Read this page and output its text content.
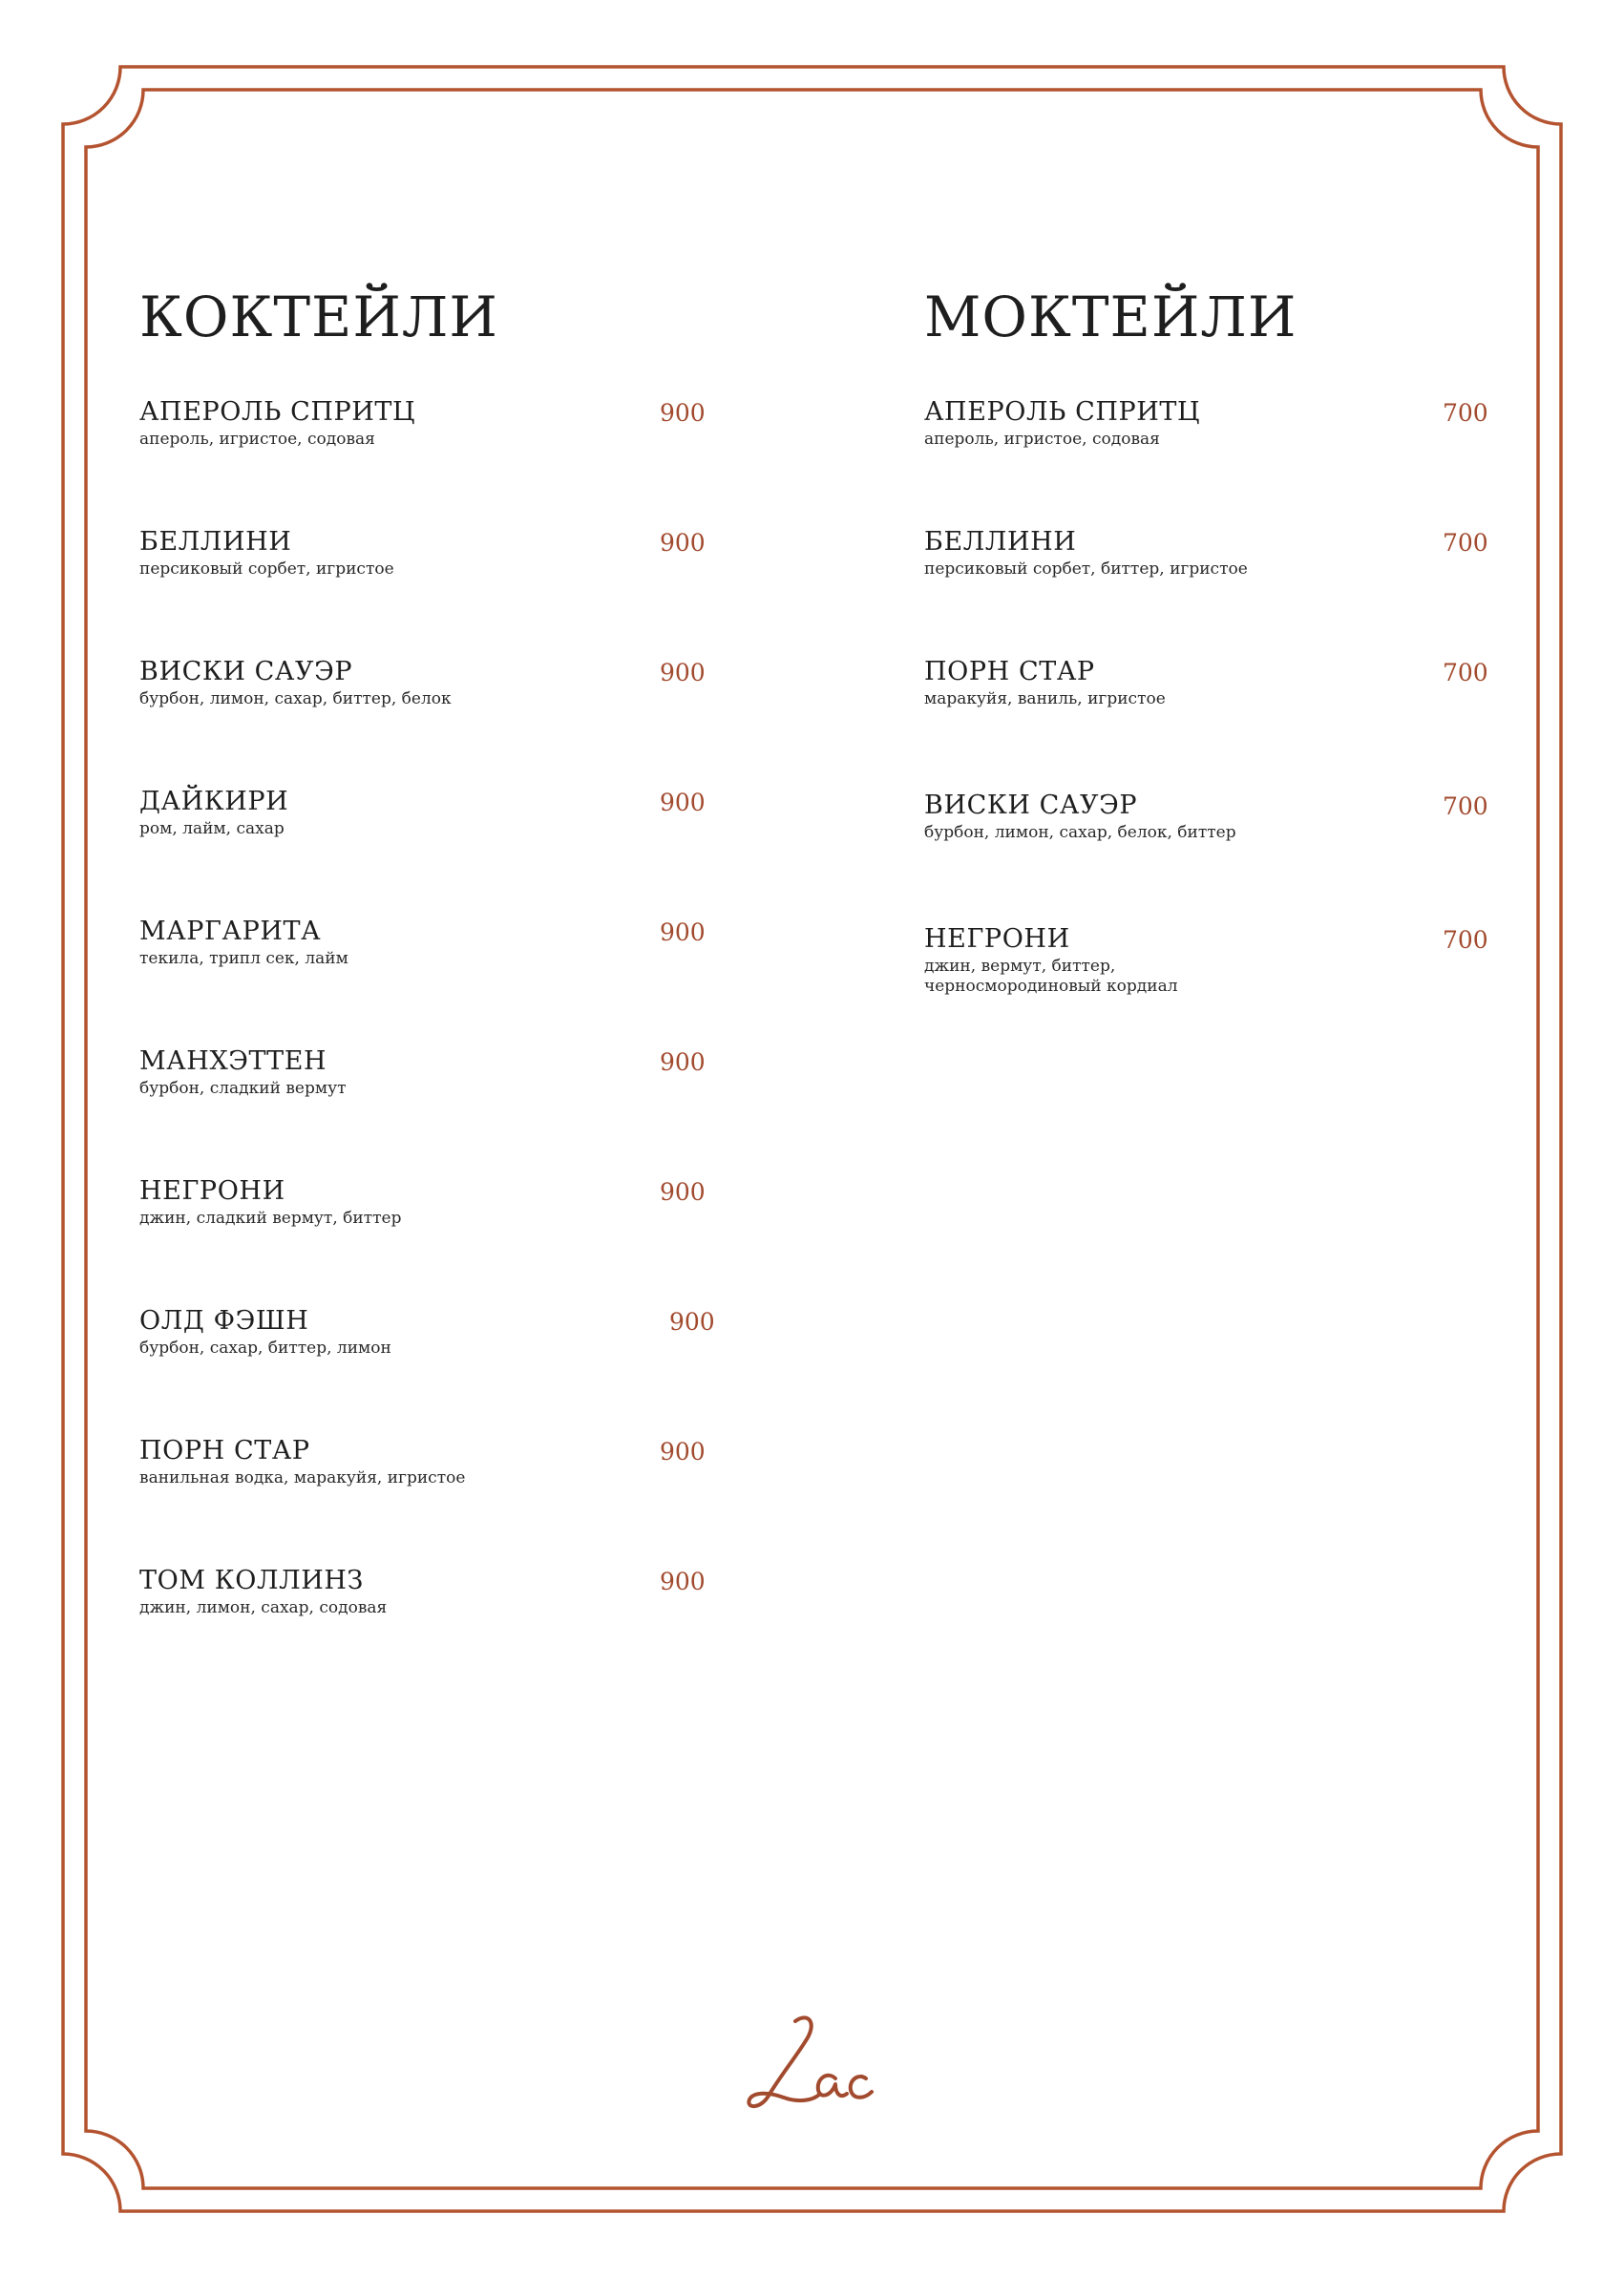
КОКТЕЙЛИ
АПЕРОЛЬ СПРИТЦ
апероль, игристое, содовая
900
БЕЛЛИНИ
персиковый сорбет, игристое
900
ВИСКИ САУЭР
бурбон, лимон, сахар, биттер, белок
900
ДАЙКИРИ
ром, лайм, сахар
900
МАРГАРИТА
текила, трипл сек, лайм
900
МАНХЭТТЕН
бурбон, сладкий вермут
900
НЕГРОНИ
джин, сладкий вермут, биттер
900
ОЛД ФЭШН
бурбон, сахар, биттер, лимон
900
ПОРН СТАР
ванильная водка, маракуйя, игристое
900
ТОМ КОЛЛИНЗ
джин, лимон, сахар, содовая
900
МОКТЕЙЛИ
АПЕРОЛЬ СПРИТЦ
апероль, игристое, содовая
700
БЕЛЛИНИ
персиковый сорбет, биттер, игристое
700
ПОРН СТАР
маракуйя, ваниль, игристое
700
ВИСКИ САУЭР
бурбон, лимон, сахар, белок, биттер
700
НЕГРОНИ
джин, вермут, биттер, черносмородиновый кордиал
700
